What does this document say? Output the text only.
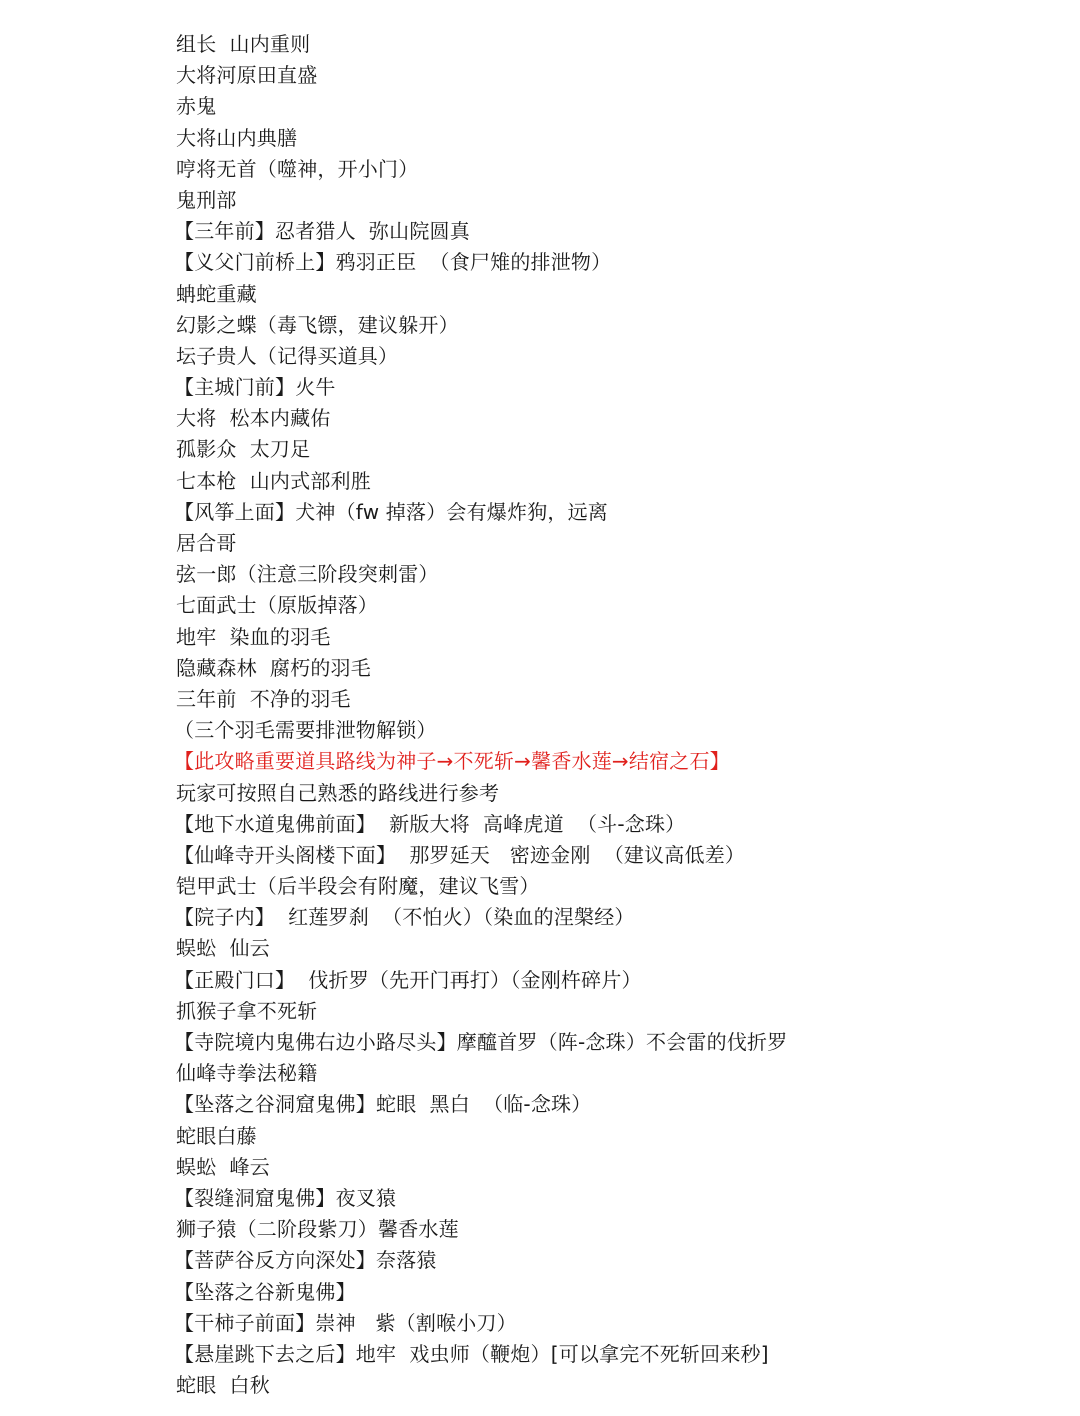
组长  山内重则
大将河原田直盛
赤鬼
大将山内典膳
哼将无首（噬神，开小门）
鬼刑部
【三年前】忍者猎人  弥山院圆真
【义父门前桥上】鸦羽正臣  （食尸雉的排泄物）
蚺蛇重藏
幻影之蝶（毒飞镖，建议躲开）
坛子贵人（记得买道具）
【主城门前】火牛
大将  松本内藏佑
孤影众  太刀足
七本枪  山内式部利胜
【风筝上面】犬神（fw 掉落）会有爆炸狗，远离
居合哥
弦一郎（注意三阶段突刺雷）
七面武士（原版掉落）
地牢  染血的羽毛
隐藏森林  腐朽的羽毛
三年前  不净的羽毛
（三个羽毛需要排泄物解锁）
【此攻略重要道具路线为神子→不死斩→馨香水莲→结宿之石】
玩家可按照自己熟悉的路线进行参考
【地下水道鬼佛前面】  新版大将  高峰虎道  （斗-念珠）
【仙峰寺开头阁楼下面】  那罗延天   密迹金刚  （建议高低差）
铠甲武士（后半段会有附魔，建议飞雪）
【院子内】  红莲罗刹  （不怕火）（染血的涅槃经）
蜈蚣  仙云
【正殿门口】  伐折罗（先开门再打）（金刚杵碎片）
抓猴子拿不死斩
【寺院境内鬼佛右边小路尽头】摩醯首罗（阵-念珠）不会雷的伐折罗
仙峰寺拳法秘籍
【坠落之谷洞窟鬼佛】蛇眼  黑白  （临-念珠）
蛇眼白藤
蜈蚣  峰云
【裂缝洞窟鬼佛】夜叉猿
狮子猿（二阶段紫刀）馨香水莲
【菩萨谷反方向深处】奈落猿
【坠落之谷新鬼佛】
【干柿子前面】崇神   紫（割喉小刀）
【悬崖跳下去之后】地牢  戏虫师（鞭炮）[可以拿完不死斩回来秒]
蛇眼  白秋
